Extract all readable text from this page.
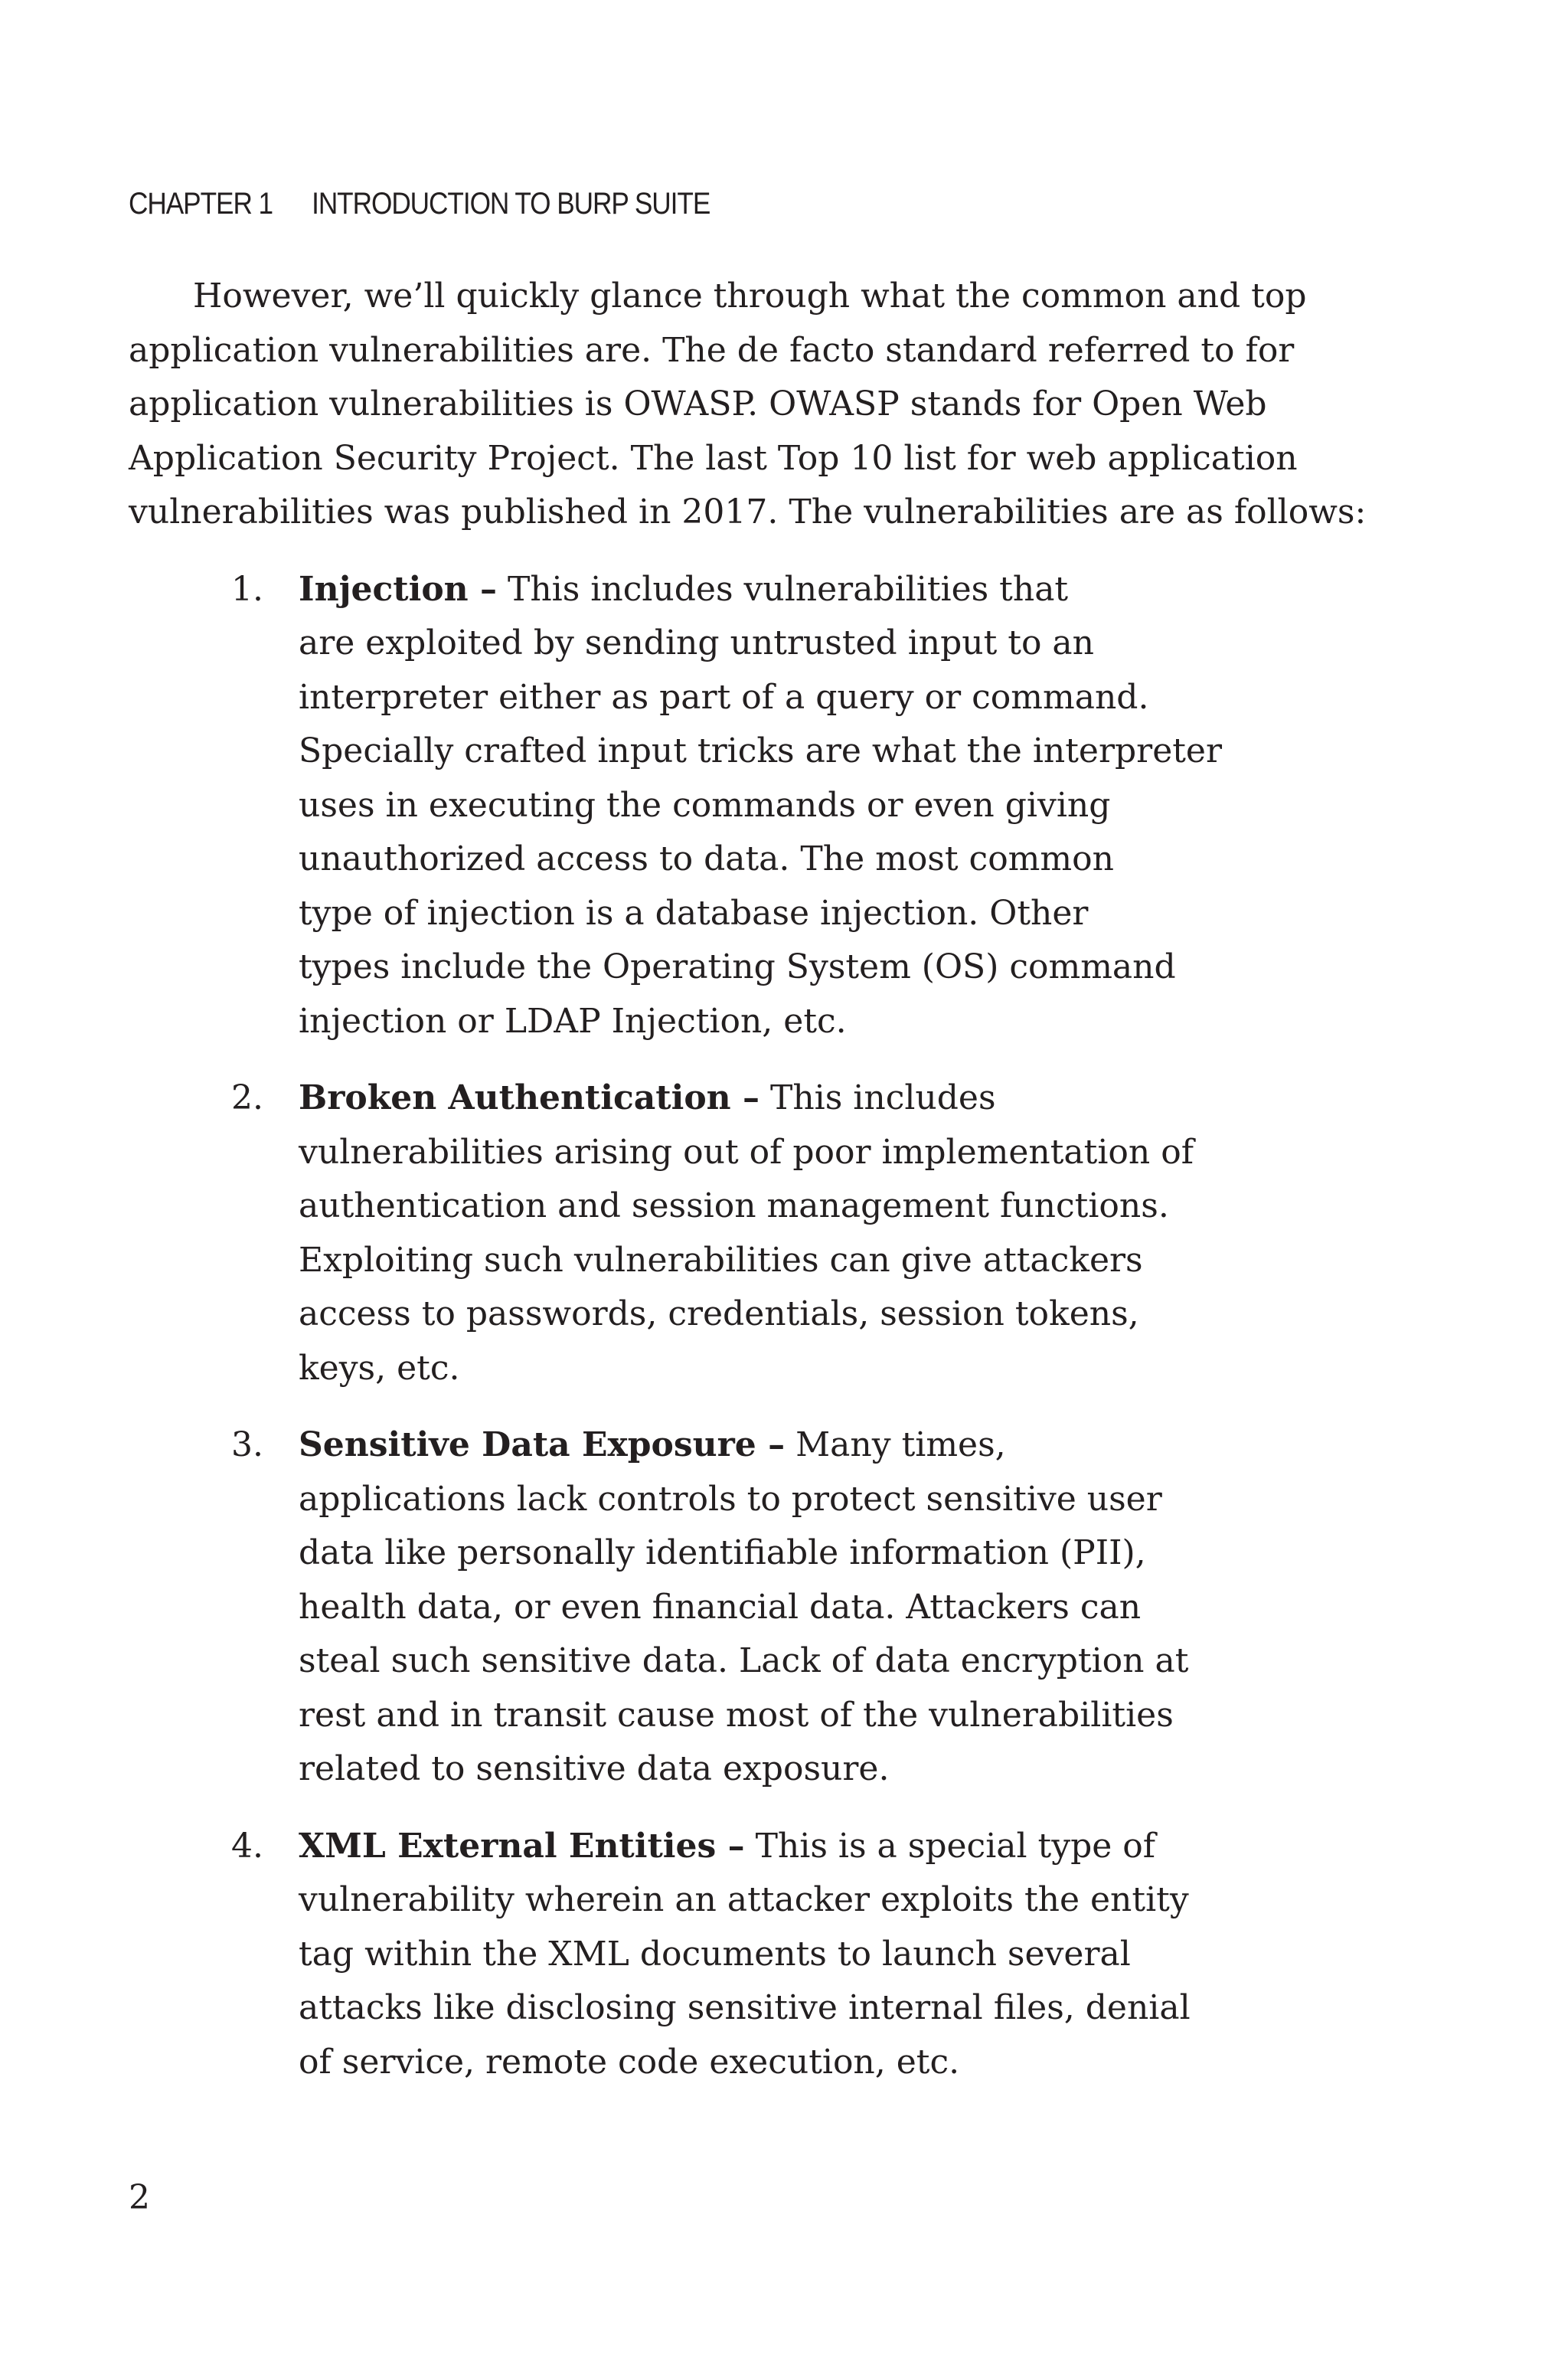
CHAPTER 1 INTRODUCTION TO BURP SUITE

However, we’ll quickly glance through what the common and top
application vulnerabilities are. The de facto standard referred to for
application vulnerabilities is OWASP. OWASP stands for Open Web
Application Security Project. The last Top 10 list for web application
vulnerabilities was published in 2017. The vulnerabilities are as follows:

1. Injection – This includes vulnerabilities that
are exploited by sending untrusted input to an
interpreter either as part of a query or command.
Specially crafted input tricks are what the interpreter
uses in executing the commands or even giving
unauthorized access to data. The most common
type of injection is a database injection. Other
types include the Operating System (OS) command
injection or LDAP Injection, etc.
2. Broken Authentication – This includes
vulnerabilities arising out of poor implementation of
authentication and session management functions.
Exploiting such vulnerabilities can give attackers
access to passwords, credentials, session tokens,
keys, etc.
3. Sensitive Data Exposure – Many times,
applications lack controls to protect sensitive user
data like personally identifiable information (PII),
health data, or even financial data. Attackers can
steal such sensitive data. Lack of data encryption at
rest and in transit cause most of the vulnerabilities
related to sensitive data exposure.
4. XML External Entities – This is a special type of
vulnerability wherein an attacker exploits the entity
tag within the XML documents to launch several
attacks like disclosing sensitive internal files, denial
of service, remote code execution, etc.
2
